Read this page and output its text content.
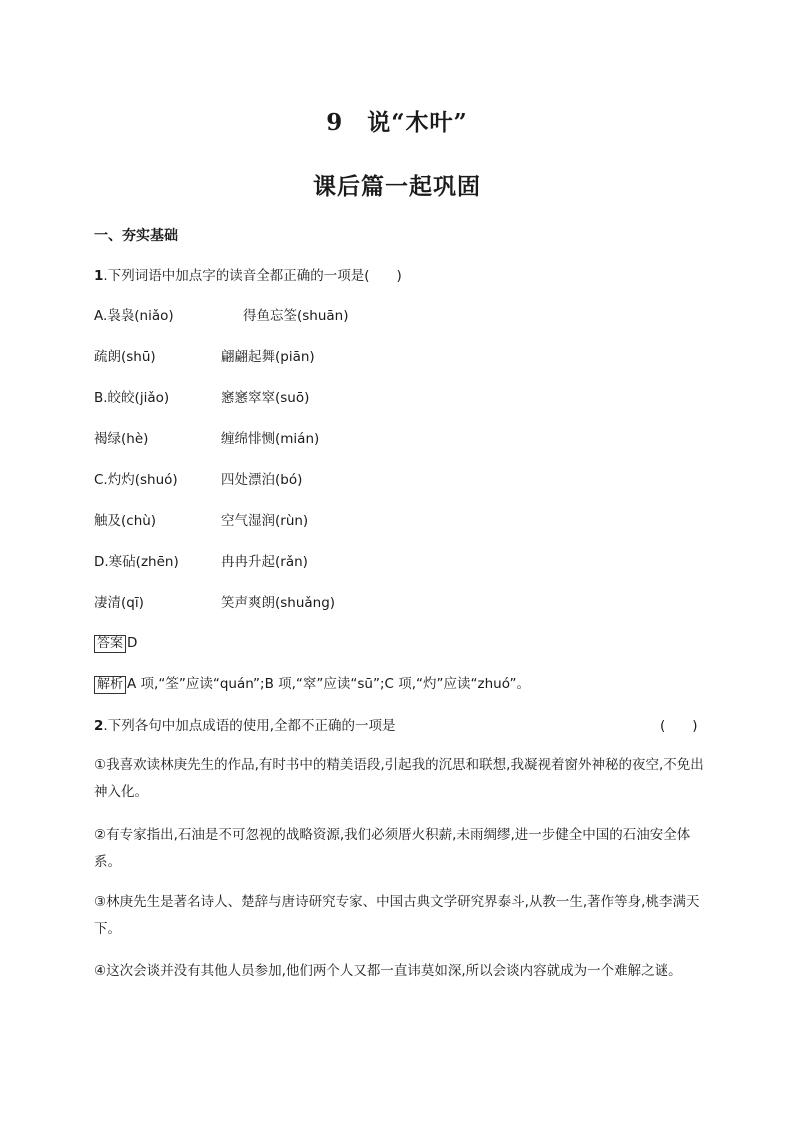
9 说“木叶”
课后篇一起巩固
一、夯实基础
1.下列词语中加点字的读音全都正确的一项是(　　)
A.袅袅(niǎo)	得鱼忘筌(shuān)
疏朗(shū)	翩翩起舞(piān)
B.皎皎(jiǎo)	窸窸窣窣(suō)
褐绿(hè)	缠绵悱恻(mián)
C.灼灼(shuó)	四处漂泊(bó)
触及(chù)	空气湿润(rùn)
D.寒砧(zhēn)	冉冉升起(rǎn)
凄清(qī)	笑声爽朗(shuǎng)
答案 D
解析 A 项,“筌”应读“quán”;B 项,“窣”应读“sū”;C 项,“灼”应读“zhuó”。
2.下列各句中加点成语的使用,全都不正确的一项是	(　　)
①我喜欢读林庚先生的作品,有时书中的精美语段,引起我的沉思和联想,我凝视着窗外神秘的夜空,不免出神入化。
②有专家指出,石油是不可忽视的战略资源,我们必须厝火积薪,未雨绸缪,进一步健全中国的石油安全体系。
③林庚先生是著名诗人、楚辞与唐诗研究专家、中国古典文学研究界泰斗,从教一生,著作等身,桃李满天下。
④这次会谈并没有其他人员参加,他们两个人又都一直讳莫如深,所以会谈内容就成为一个难解之谜。
